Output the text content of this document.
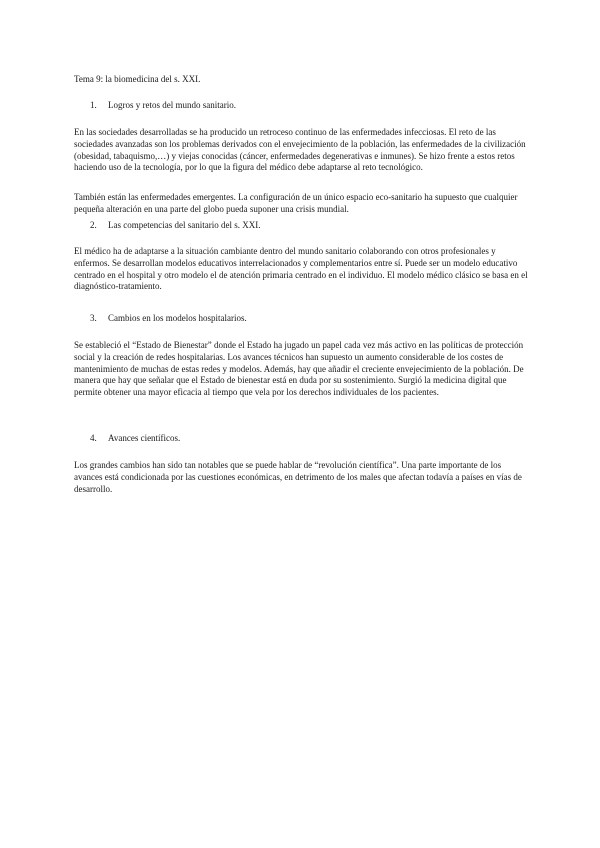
Tema 9: la biomedicina del s. XXI.
1. Logros y retos del mundo sanitario.

En las sociedades desarrolladas se ha producido un retroceso continuo de las enfermedades infecciosas. El reto de las sociedades avanzadas son los problemas derivados con el envejecimiento de la población, las enfermedades de la civilización (obesidad, tabaquismo,…) y viejas conocidas (cáncer, enfermedades degenerativas e inmunes). Se hizo frente a estos retos haciendo uso de la tecnología, por lo que la figura del médico debe adaptarse al reto tecnológico.

También están las enfermedades emergentes. La configuración de un único espacio eco-sanitario ha supuesto que cualquier pequeña alteración en una parte del globo pueda suponer una crisis mundial.

2. Las competencias del sanitario del s. XXI.

El médico ha de adaptarse a la situación cambiante dentro del mundo sanitario colaborando con otros profesionales y enfermos. Se desarrollan modelos educativos interrelacionados y complementarios entre sí. Puede ser un modelo educativo centrado en el hospital y otro modelo el de atención primaria centrado en el individuo. El modelo médico clásico se basa en el diagnóstico-tratamiento.

3. Cambios en los modelos hospitalarios.

Se estableció el “Estado de Bienestar” donde el Estado ha jugado un papel cada vez más activo en las políticas de protección social y la creación de redes hospitalarias. Los avances técnicos han supuesto un aumento considerable de los costes de mantenimiento de muchas de estas redes y modelos. Además, hay que añadir el creciente envejecimiento de la población. De manera que hay que señalar que el Estado de bienestar está en duda por su sostenimiento. Surgió la medicina digital que permite obtener una mayor eficacia al tiempo que vela por los derechos individuales de los pacientes.

4. Avances científicos.

Los grandes cambios han sido tan notables que se puede hablar de “revolución científica”. Una parte importante de los avances está condicionada por las cuestiones económicas, en detrimento de los males que afectan todavía a países en vías de desarrollo.
